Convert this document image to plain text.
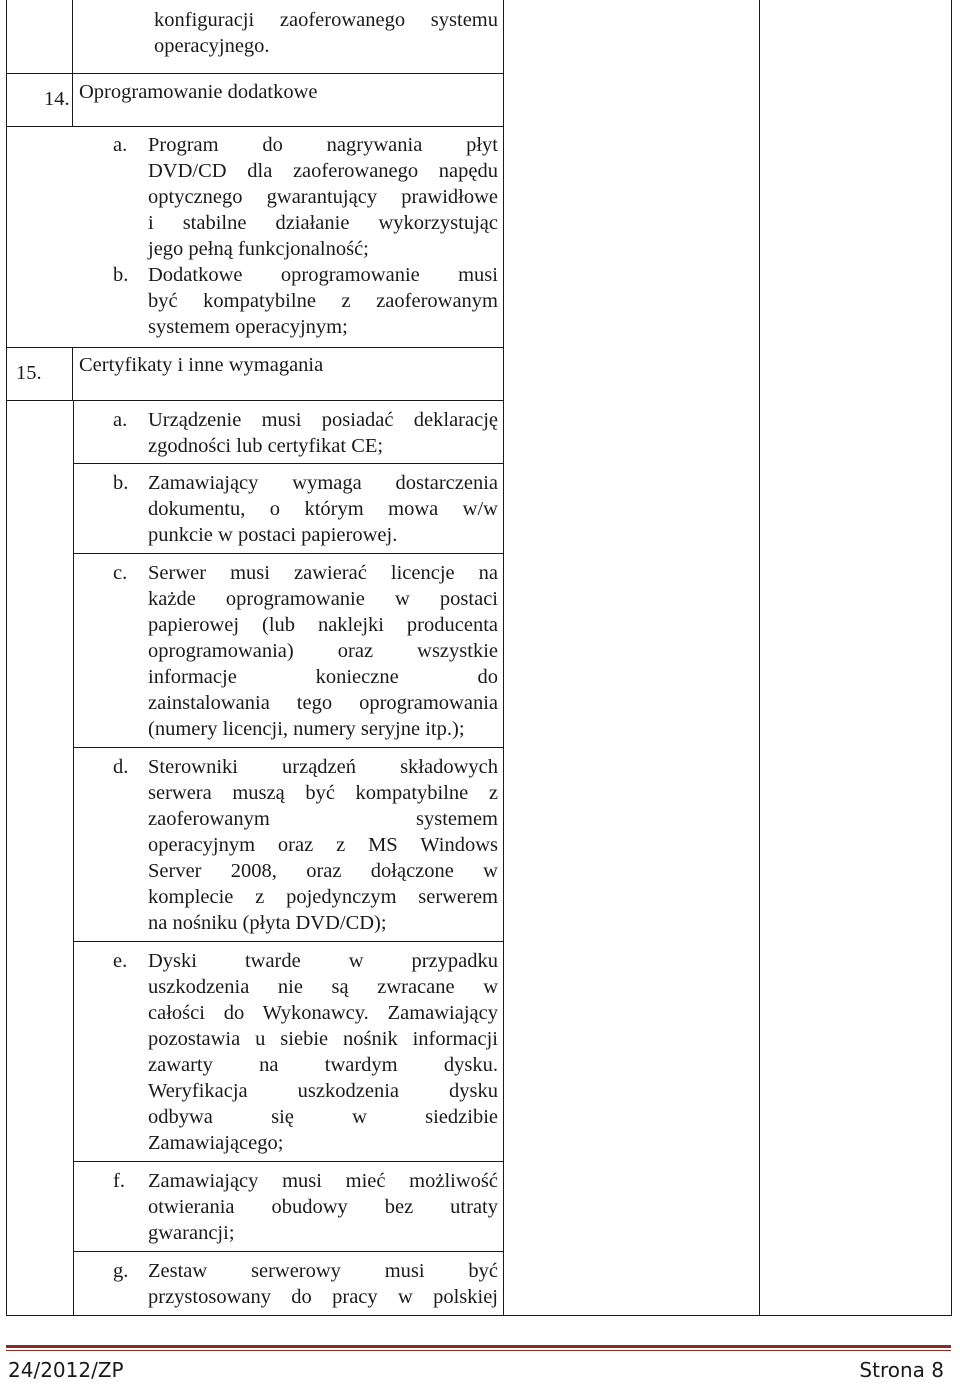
konfiguracji zaoferowanego systemu
operacyjnego.
14. Oprogramowanie dodatkowe
a. Program do nagrywania płyt
DVD/CD dla zaoferowanego napędu
optycznego gwarantujący prawidłowe
i stabilne działanie wykorzystując
jego pełną funkcjonalność;
b. Dodatkowe oprogramowanie musi
być kompatybilne z zaoferowanym
systemem operacyjnym;
15. Certyfikaty i inne wymagania
a. Urządzenie musi posiadać deklarację
zgodności lub certyfikat CE;
b. Zamawiający wymaga dostarczenia
dokumentu, o którym mowa w/w
punkcie w postaci papierowej.
c. Serwer musi zawierać licencje na
każde oprogramowanie w postaci
papierowej (lub naklejki producenta
oprogramowania) oraz wszystkie
informacje konieczne do
zainstalowania tego oprogramowania
(numery licencji, numery seryjne itp.);
d. Sterowniki urządzeń składowych
serwera muszą być kompatybilne z
zaoferowanym systemem
operacyjnym oraz z MS Windows
Server 2008, oraz dołączone w
komplecie z pojedynczym serwerem
na nośniku (płyta DVD/CD);
e. Dyski twarde w przypadku
uszkodzenia nie są zwracane w
całości do Wykonawcy. Zamawiający
pozostawia u siebie nośnik informacji
zawarty na twardym dysku.
Weryfikacja uszkodzenia dysku
odbywa się w siedzibie
Zamawiającego;
f. Zamawiający musi mieć możliwość
otwierania obudowy bez utraty
gwarancji;
g. Zestaw serwerowy musi być
przystosowany do pracy w polskiej
24/2012/ZP	Strona 8
